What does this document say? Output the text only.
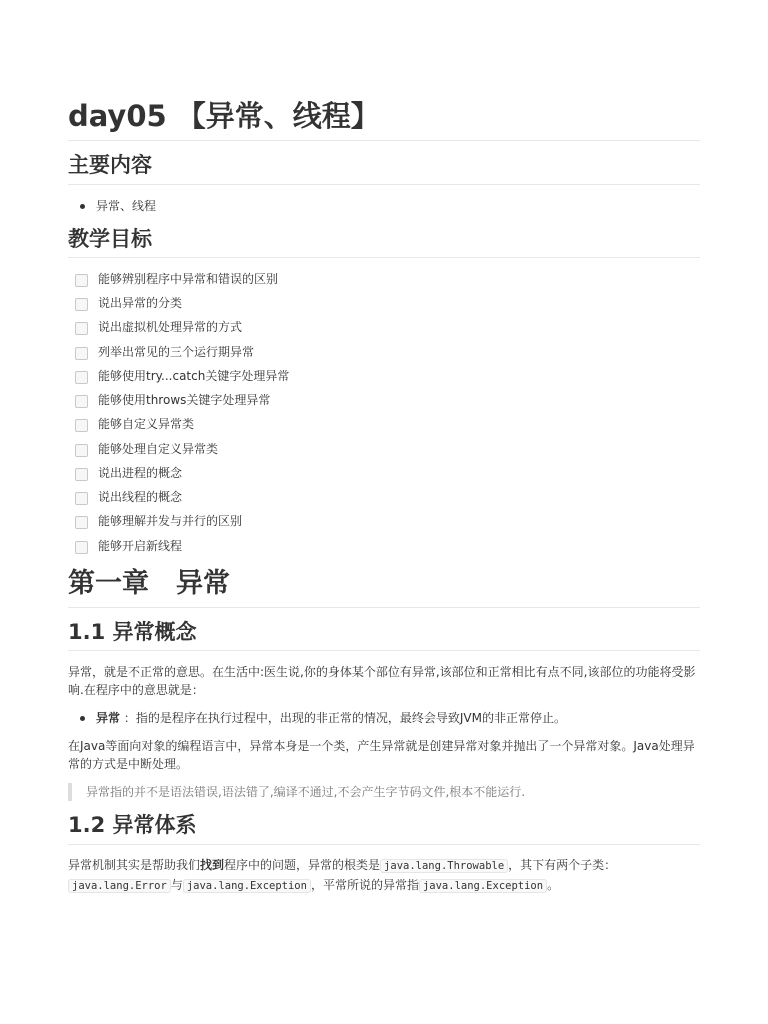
day05 【异常、线程】
主要内容
异常、线程
教学目标
能够辨别程序中异常和错误的区别
说出异常的分类
说出虚拟机处理异常的方式
列举出常见的三个运行期异常
能够使用try...catch关键字处理异常
能够使用throws关键字处理异常
能够自定义异常类
能够处理自定义异常类
说出进程的概念
说出线程的概念
能够理解并发与并行的区别
能够开启新线程
第一章　异常
1.1 异常概念

异常，就是不正常的意思。在生活中:医生说,你的身体某个部位有异常,该部位和正常相比有点不同,该部位的功能将受影响.在程序中的意思就是：

异常 ：指的是程序在执行过程中，出现的非正常的情况，最终会导致JVM的非正常停止。

在Java等面向对象的编程语言中，异常本身是一个类，产生异常就是创建异常对象并抛出了一个异常对象。Java处理异常的方式是中断处理。

异常指的并不是语法错误,语法错了,编译不通过,不会产生字节码文件,根本不能运行.
1.2 异常体系

异常机制其实是帮助我们找到程序中的问题，异常的根类是 java.lang.Throwable ，其下有两个子类：
java.lang.Error 与 java.lang.Exception ，平常所说的异常指 java.lang.Exception 。
